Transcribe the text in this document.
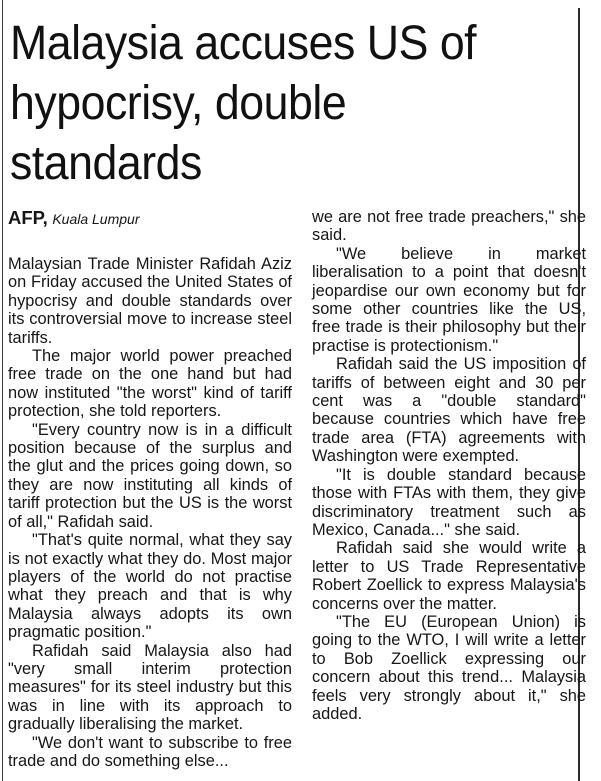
Malaysia accuses US of hypocrisy, double standards
AFP, Kuala Lumpur

Malaysian Trade Minister Rafidah Aziz on Friday accused the United States of hypocrisy and double standards over its controversial move to increase steel tariffs.

The major world power preached free trade on the one hand but had now instituted "the worst" kind of tariff protection, she told reporters.

"Every country now is in a difficult position because of the surplus and the glut and the prices going down, so they are now instituting all kinds of tariff protection but the US is the worst of all," Rafidah said.

"That's quite normal, what they say is not exactly what they do. Most major players of the world do not practise what they preach and that is why Malaysia always adopts its own pragmatic position."

Rafidah said Malaysia also had "very small interim protection measures" for its steel industry but this was in line with its approach to gradually liberalising the market.

"We don't want to subscribe to free trade and do something else...

we are not free trade preachers," she said.

"We believe in market liberalisation to a point that doesn't jeopardise our own economy but for some other countries like the US, free trade is their philosophy but their practise is protectionism."

Rafidah said the US imposition of tariffs of between eight and 30 per cent was a "double standard" because countries which have free trade area (FTA) agreements with Washington were exempted.

"It is double standard because those with FTAs with them, they give discriminatory treatment such as Mexico, Canada..." she said.

Rafidah said she would write a letter to US Trade Representative Robert Zoellick to express Malaysia's concerns over the matter.

"The EU (European Union) is going to the WTO, I will write a letter to Bob Zoellick expressing our concern about this trend... Malaysia feels very strongly about it," she added.
